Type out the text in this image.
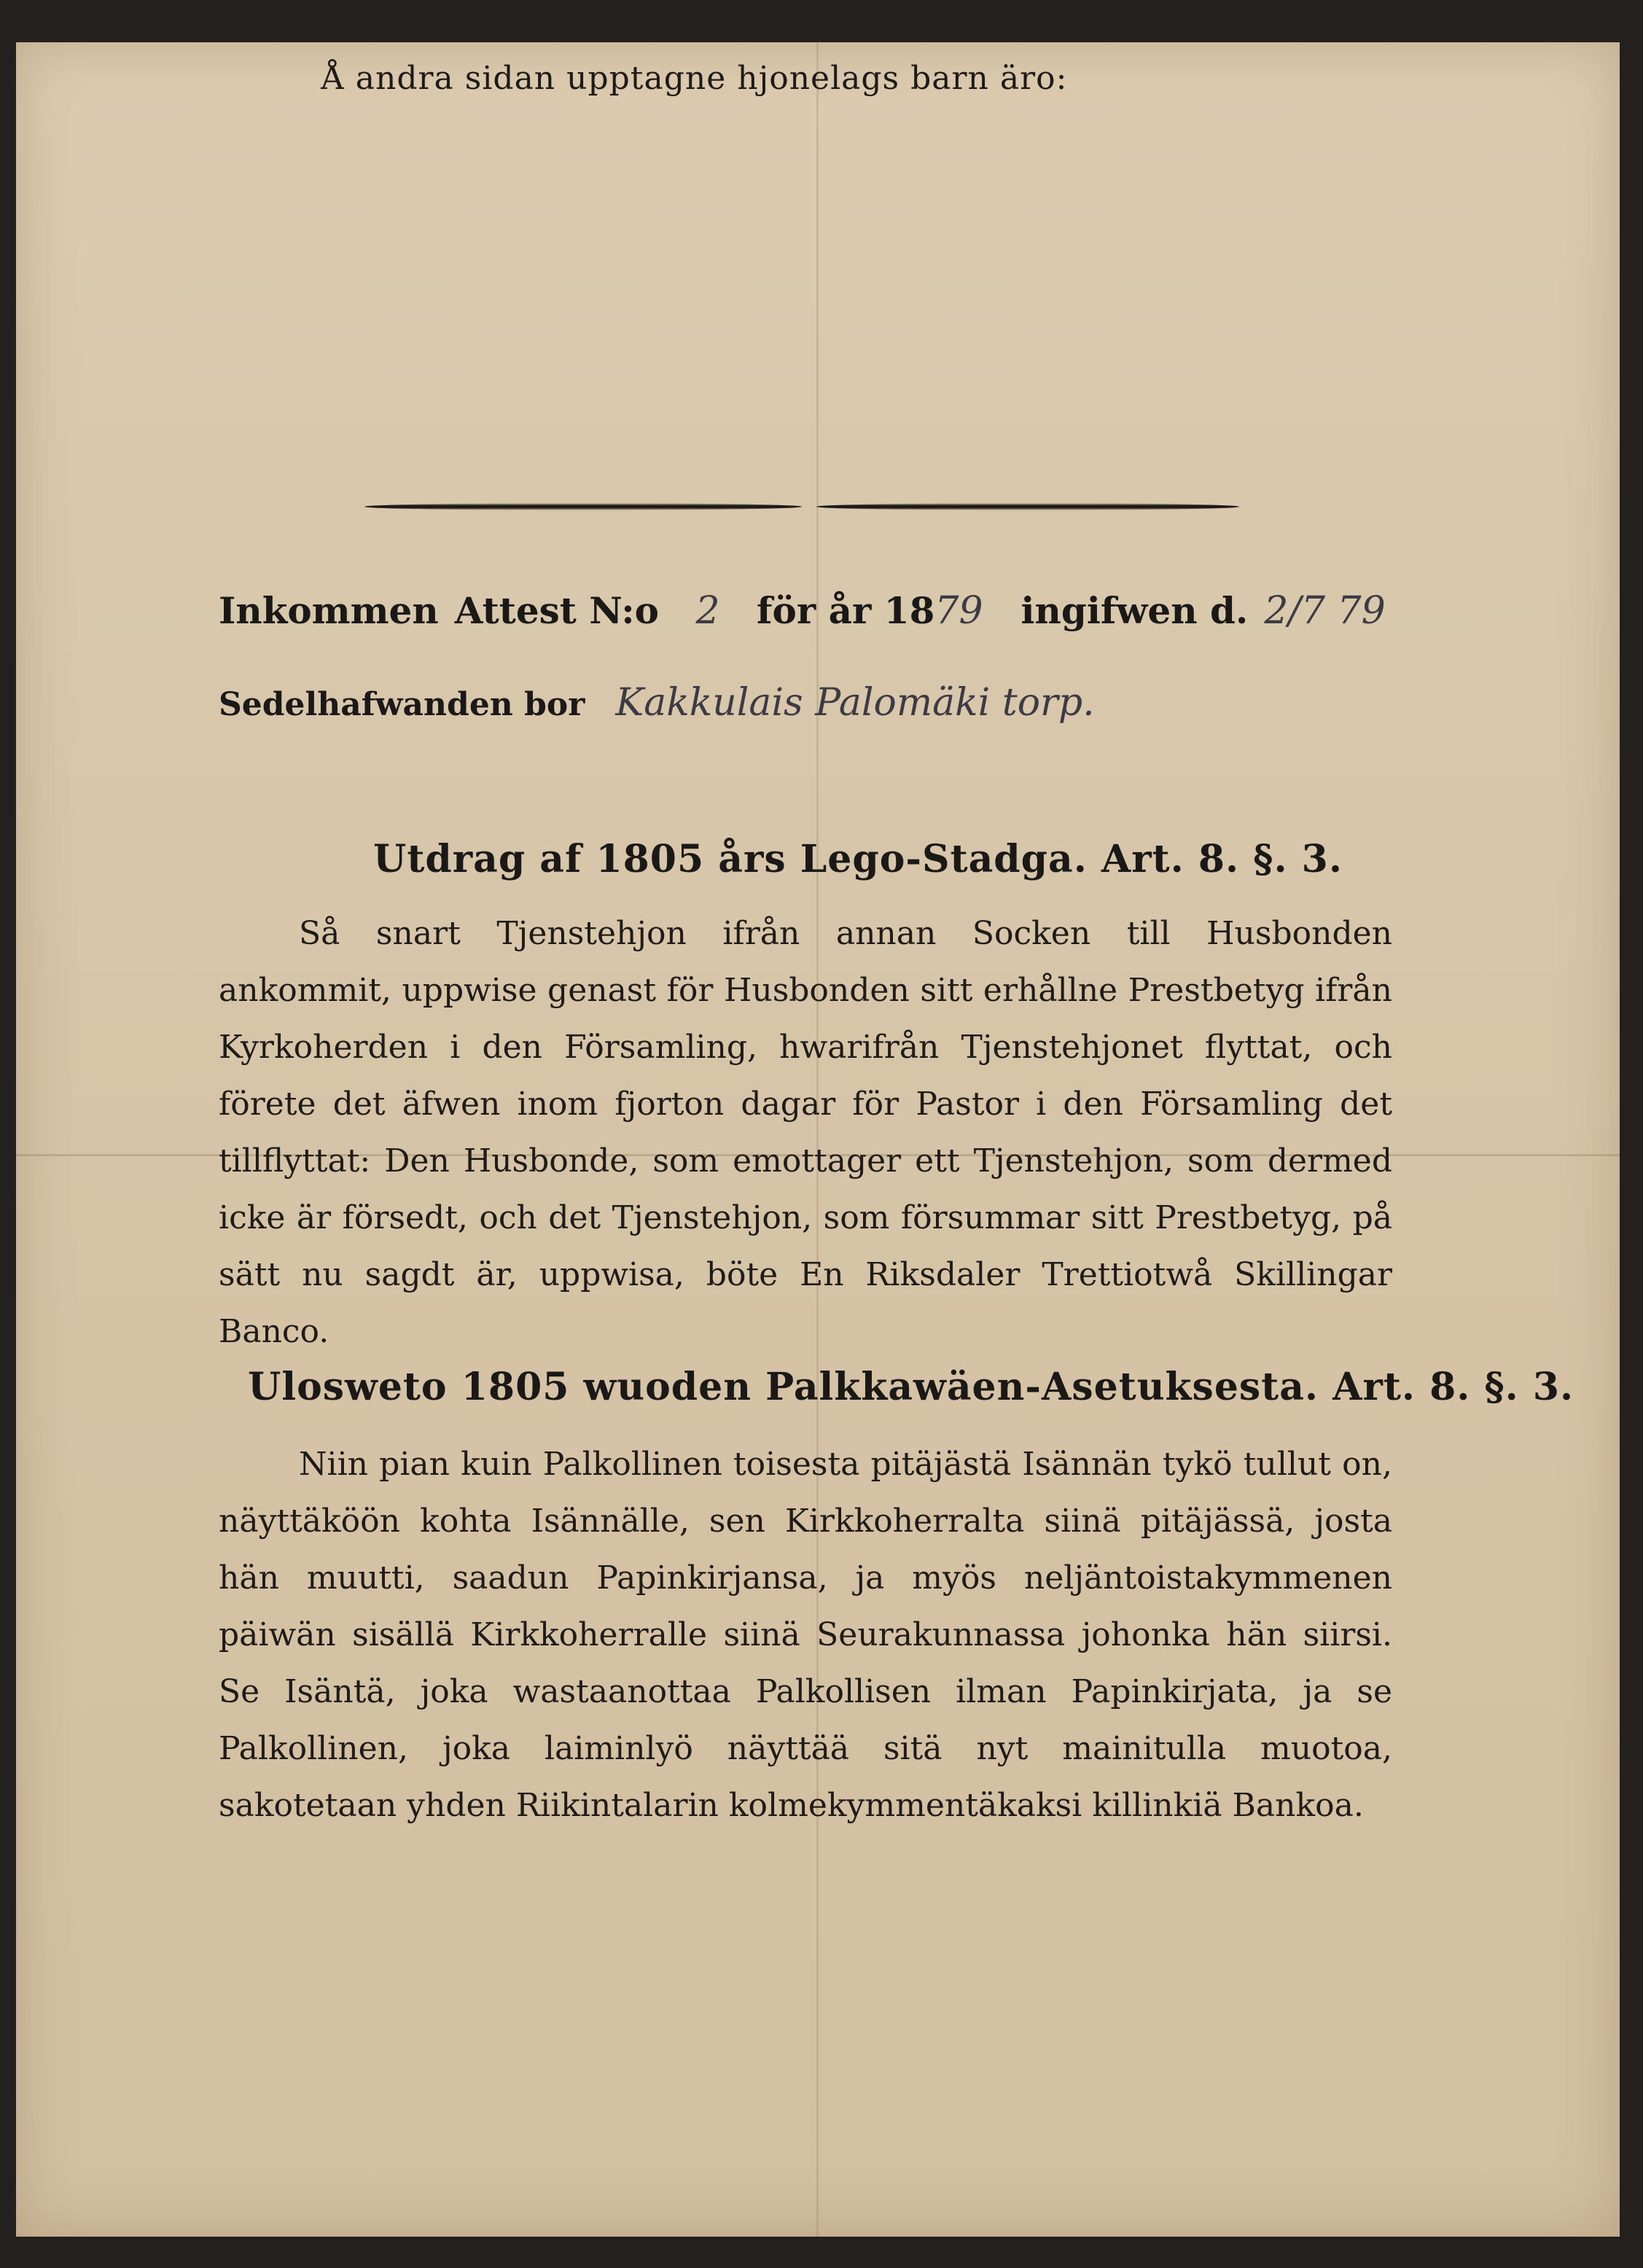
Å andra sidan upptagne hjonelags barn äro:
Inkommen Attest N:o 2	för år 18 79 ingifwen d. 2/7 79
Sedelhafwanden bor Kakkulais Palomäki torp.
Utdrag af 1805 års Lego-Stadga. Art. 8. §. 3.
Så snart Tjenstehjon ifrån annan Socken till Husbonden ankommit, uppwise genast för Husbonden sitt erhållne Prestbetyg ifrån Kyrkoherden i den Församling, hwarifrån Tjenstehjonet flyttat, och förete det äfwen inom fjorton dagar för Pastor i den Församling det tillflyttat: Den Husbonde, som emottager ett Tjenstehjon, som dermed icke är försedt, och det Tjenstehjon, som försummar sitt Prestbetyg, på sätt nu sagdt är, uppwisa, böte En Riksdaler Trettiotwå Skillingar Banco.
Ulosweto 1805 wuoden Palkkawäen-Asetuksesta. Art. 8. §. 3.
Niin pian kuin Palkollinen toisesta pitäjästä Isännän tykö tullut on, näyttäköön kohta Isännälle, sen Kirkkoherralta siinä pitäjässä, josta hän muutti, saadun Papinkirjansa, ja myös neljäntoistakymmenen päiwän sisällä Kirkkoherralle siinä Seurakunnassa johonka hän siirsi. Se Isäntä, joka wastaanottaa Palkollisen ilman Papinkirjata, ja se Palkollinen, joka laiminlyö näyttää sitä nyt mainitulla muotoa, sakotetaan yhden Riikintalarin kolmekymmentäkaksi killinkiä Bankoa.
